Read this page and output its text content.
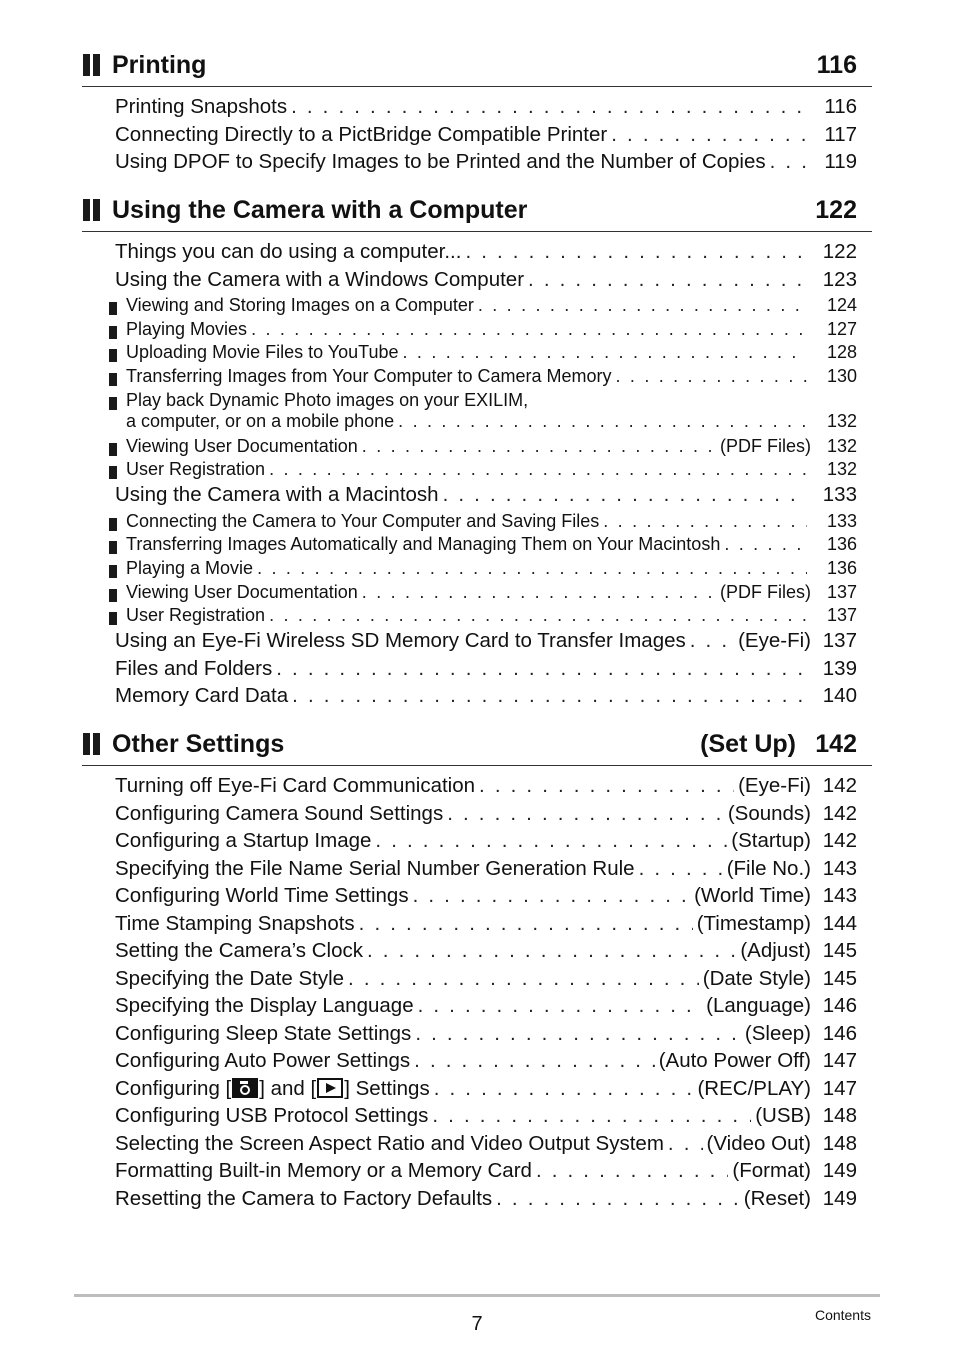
Printing	116
Printing Snapshots . . .	116
Connecting Directly to a PictBridge Compatible Printer . . .	117
Using DPOF to Specify Images to be Printed and the Number of Copies . . .	119
Using the Camera with a Computer	122
Things you can do using a computer... . . .	122
Using the Camera with a Windows Computer . . .	123
Viewing and Storing Images on a Computer . . .	124
Playing Movies . . .	127
Uploading Movie Files to YouTube . . .	128
Transferring Images from Your Computer to Camera Memory . . .	130
Play back Dynamic Photo images on your EXILIM,
a computer, or on a mobile phone . . .	132
Viewing User Documentation . . .	(PDF Files) 132
User Registration . . .	132
Using the Camera with a Macintosh . . .	133
Connecting the Camera to Your Computer and Saving Files . . .	133
Transferring Images Automatically and Managing Them on Your Macintosh . . .	136
Playing a Movie . . .	136
Viewing User Documentation . . .	(PDF Files) 137
User Registration . . .	137
Using an Eye-Fi Wireless SD Memory Card to Transfer Images . . .	(Eye-Fi) 137
Files and Folders . . .	139
Memory Card Data . . .	140
Other Settings	(Set Up) 142
Turning off Eye-Fi Card Communication . . .	(Eye-Fi) 142
Configuring Camera Sound Settings . . .	(Sounds) 142
Configuring a Startup Image . . .	(Startup) 142
Specifying the File Name Serial Number Generation Rule . . .	(File No.) 143
Configuring World Time Settings . . .	(World Time) 143
Time Stamping Snapshots . . .	(Timestamp) 144
Setting the Camera’s Clock . . .	(Adjust) 145
Specifying the Date Style . . .	(Date Style) 145
Specifying the Display Language . . .	(Language) 146
Configuring Sleep State Settings . . .	(Sleep) 146
Configuring Auto Power Settings . . .	(Auto Power Off) 147
Configuring [ ] and [ ] Settings . . .	(REC/PLAY) 147
Configuring USB Protocol Settings . . .	(USB) 148
Selecting the Screen Aspect Ratio and Video Output System . . . (Video Out) 148
Formatting Built-in Memory or a Memory Card . . .	(Format) 149
Resetting the Camera to Factory Defaults . . .	(Reset) 149
7	Contents
